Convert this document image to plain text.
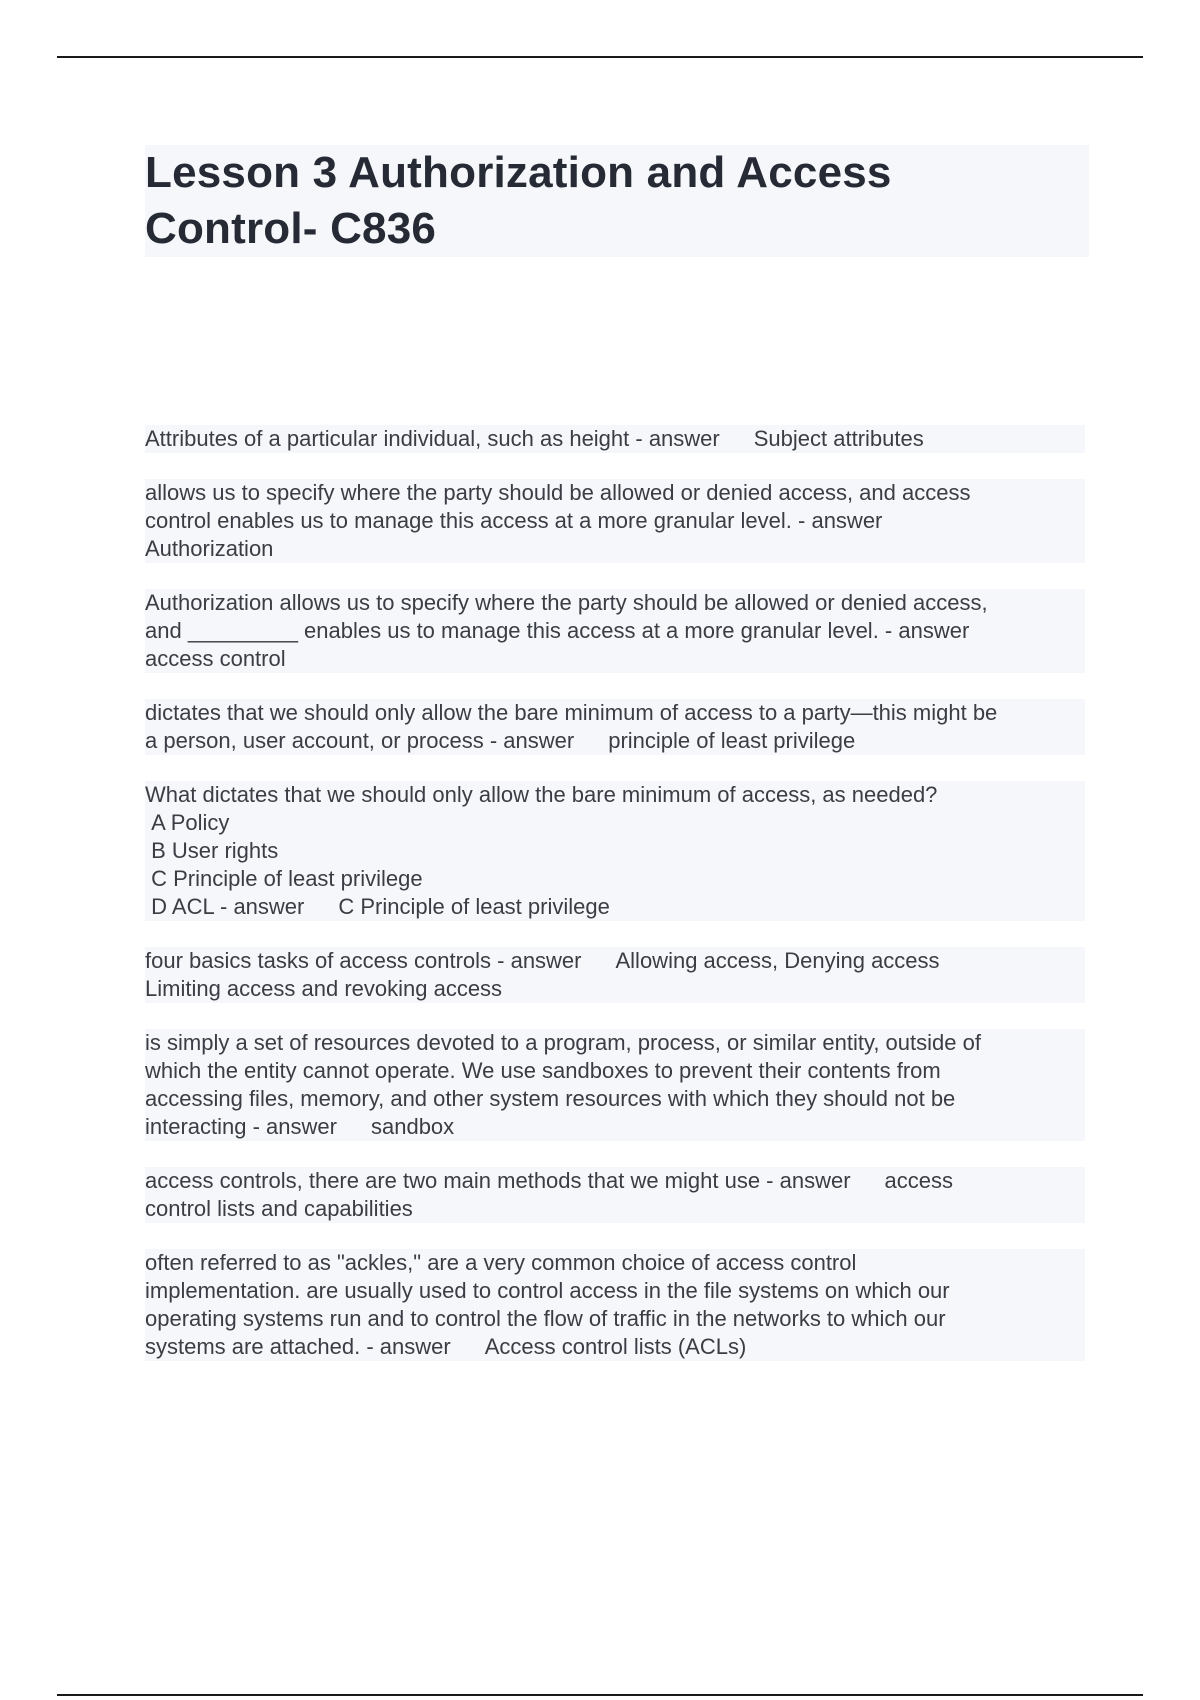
Lesson 3 Authorization and Access
Control- C836
Attributes of a particular individual, such as height - answer Subject attributes
allows us to specify where the party should be allowed or denied access, and access
control enables us to manage this access at a more granular level. - answer
Authorization
Authorization allows us to specify where the party should be allowed or denied access,
and _________ enables us to manage this access at a more granular level. - answer
access control
dictates that we should only allow the bare minimum of access to a party—this might be
a person, user account, or process - answer principle of least privilege
What dictates that we should only allow the bare minimum of access, as needed?
A Policy
B User rights
C Principle of least privilege
D ACL - answer C Principle of least privilege
four basics tasks of access controls - answer Allowing access, Denying access
Limiting access and revoking access
is simply a set of resources devoted to a program, process, or similar entity, outside of
which the entity cannot operate. We use sandboxes to prevent their contents from
accessing files, memory, and other system resources with which they should not be
interacting - answer sandbox
access controls, there are two main methods that we might use - answer access
control lists and capabilities
often referred to as "ackles," are a very common choice of access control
implementation. are usually used to control access in the file systems on which our
operating systems run and to control the flow of traffic in the networks to which our
systems are attached. - answer Access control lists (ACLs)
